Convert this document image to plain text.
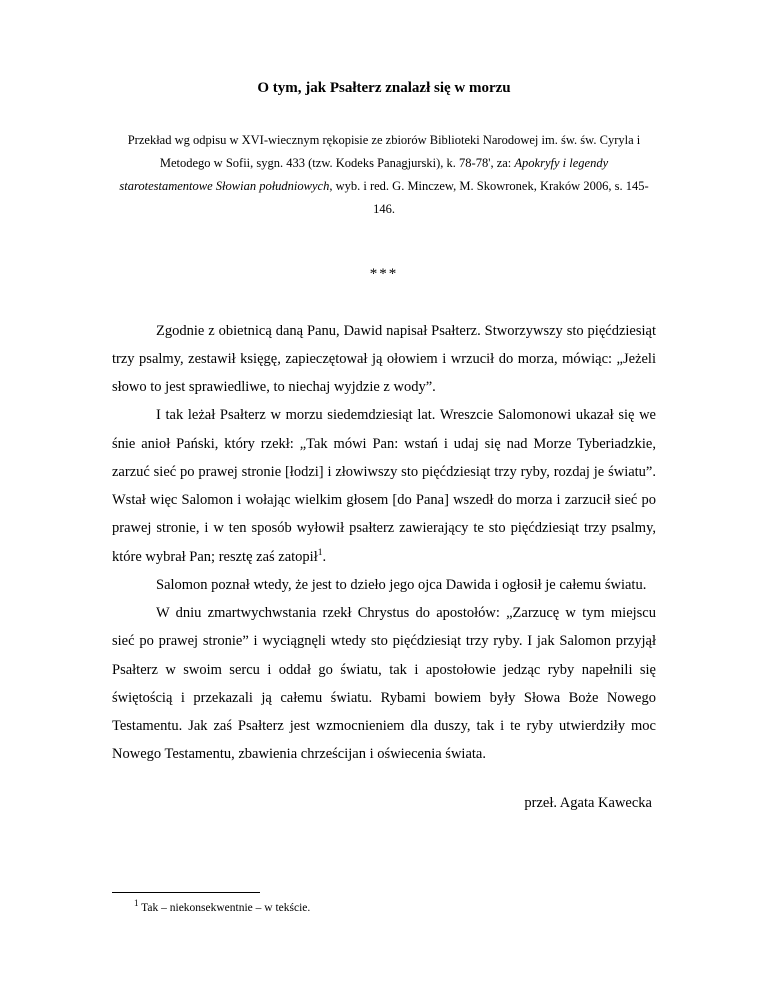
O tym, jak Psałterz znalazł się w morzu
Przekład wg odpisu w XVI-wiecznym rękopisie ze zbiorów Biblioteki Narodowej im. św. św. Cyryla i Metodego w Sofii, sygn. 433 (tzw. Kodeks Panagjurski), k. 78-78', za: Apokryfy i legendy starotestamentowe Słowian południowych, wyb. i red. G. Minczew, M. Skowronek, Kraków 2006, s. 145-146.
***

Zgodnie z obietnicą daną Panu, Dawid napisał Psałterz. Stworzywszy sto pięćdziesiąt trzy psalmy, zestawił księgę, zapieczętował ją ołowiem i wrzucił do morza, mówiąc: „Jeżeli słowo to jest sprawiedliwe, to niechaj wyjdzie z wody”.

I tak leżał Psałterz w morzu siedemdziesiąt lat. Wreszcie Salomonowi ukazał się we śnie anioł Pański, który rzekł: „Tak mówi Pan: wstań i udaj się nad Morze Tyberiadzkie, zarzuć sieć po prawej stronie [łodzi] i złowiwszy sto pięćdziesiąt trzy ryby, rozdaj je światu”. Wstał więc Salomon i wołając wielkim głosem [do Pana] wszedł do morza i zarzucił sieć po prawej stronie, i w ten sposób wyłowił psałterz zawierający te sto pięćdziesiąt trzy psalmy, które wybrał Pan; resztę zaś zatopił$^1$.

Salomon poznał wtedy, że jest to dzieło jego ojca Dawida i ogłosił je całemu światu.

W dniu zmartwychwstania rzekł Chrystus do apostołów: „Zarzucę w tym miejscu sieć po prawej stronie” i wyciągnęli wtedy sto pięćdziesiąt trzy ryby. I jak Salomon przyjął Psałterz w swoim sercu i oddał go światu, tak i apostołowie jedząc ryby napełnili się świętością i przekazali ją całemu światu. Rybami bowiem były Słowa Boże Nowego Testamentu. Jak zaś Psałterz jest wzmocnieniem dla duszy, tak i te ryby utwierdziły moc Nowego Testamentu, zbawienia chrześcijan i oświecenia świata.

przeł. Agata Kawecka
$^1$ Tak – niekonsekwentnie – w tekście.
